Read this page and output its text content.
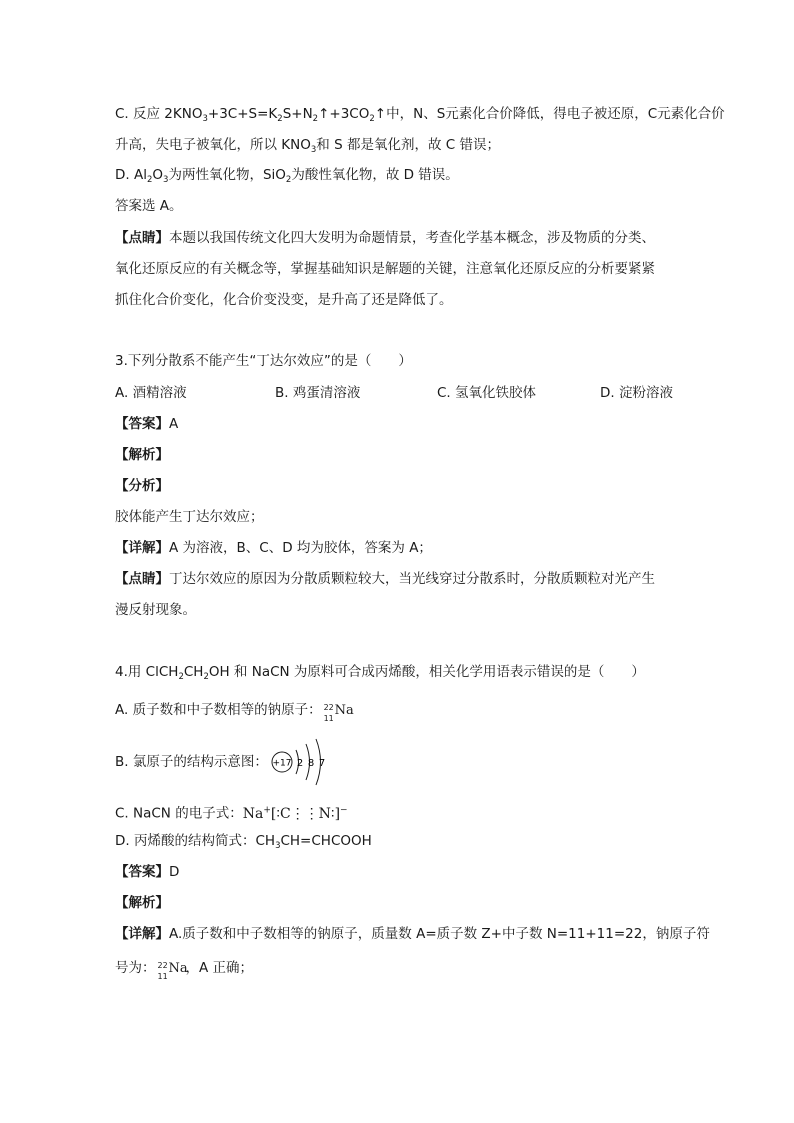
C. 反应 $2KNO_3+3C+S=K_2S+N_2↑+3CO_2↑$中，N、S元素化合价降低，得电子被还原，C元素化合价
升高，失电子被氧化，所以 $KNO_3$和 S 都是氧化剂，故 C 错误；
D. $Al_2O_3$为两性氧化物，SiO$_2$为酸性氧化物，故 D 错误。
答案选 A。
【点睛】本题以我国传统文化四大发明为命题情景，考查化学基本概念，涉及物质的分类、
氧化还原反应的有关概念等，掌握基础知识是解题的关键，注意氧化还原反应的分析要紧紧
抓住化合价变化，化合价变没变，是升高了还是降低了。
3.下列分散系不能产生“丁达尔效应”的是（　　）
A. 酒精溶液	B. 鸡蛋清溶液	C. 氢氧化铁胶体	D. 淀粉溶液
【答案】A
【解析】
【分析】
胶体能产生丁达尔效应；
【详解】A 为溶液，B、C、D 均为胶体，答案为 A；
【点睛】丁达尔效应的原因为分散质颗粒较大，当光线穿过分散系时，分散质颗粒对光产生
漫反射现象。
4.用 $ClCH_2CH_2OH$ 和 NaCN 为原料可合成丙烯酸，相关化学用语表示错误的是（　　）
A. 质子数和中子数相等的钠原子： 22
11
Na
B. 氯原子的结构示意图： +17 2 8 7
C. NaCN 的电子式：Na+[∶C⋮⋮N∶]−
D. 丙烯酸的结构简式：$CH_3CH=CHCOOH$
【答案】D
【解析】
【详解】A.质子数和中子数相等的钠原子，质量数 A=质子数 Z+中子数 N=11+11=22，钠原子符
号为： 22
11
Na
，A 正确；
